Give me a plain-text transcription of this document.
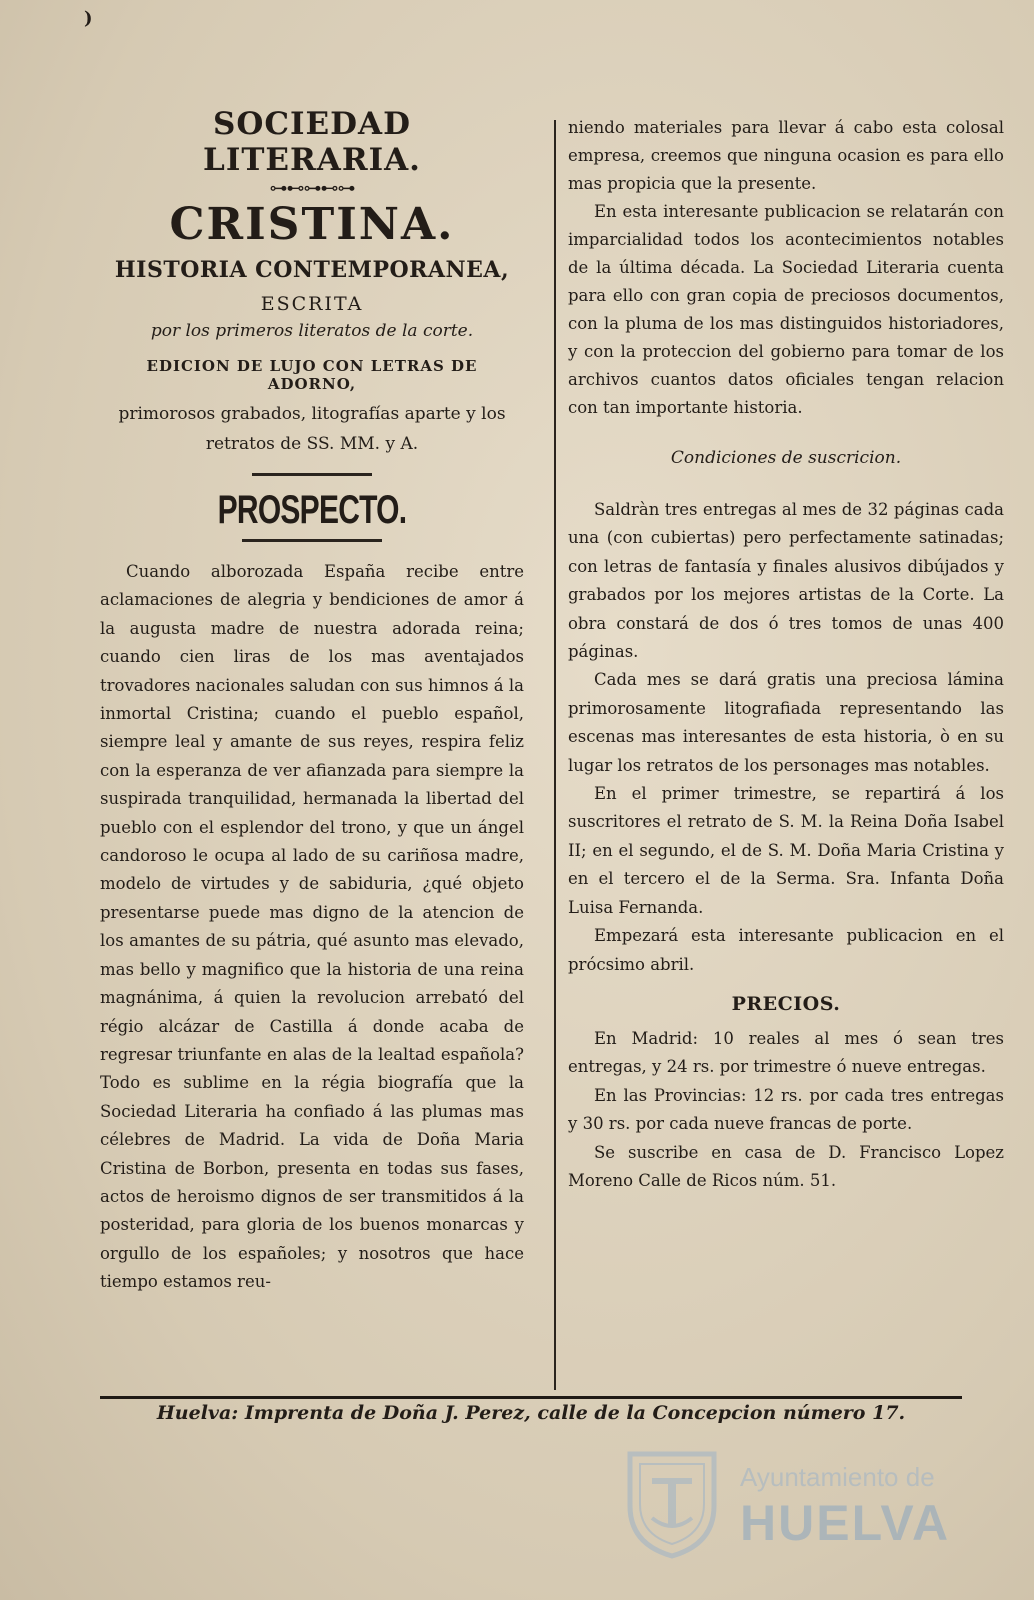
)
SOCIEDAD LITERARIA.
⊶⊷⊶⊷⊶
CRISTINA.
HISTORIA CONTEMPORANEA,
ESCRITA
por los primeros literatos de la corte.
EDICION DE LUJO CON LETRAS DE ADORNO,
primorosos grabados, litografías aparte y los retratos de SS. MM. y A.
PROSPECTO.

Cuando alborozada España recibe entre aclamaciones de alegria y bendiciones de amor á la augusta madre de nuestra adorada reina; cuando cien liras de los mas aventajados trovadores nacionales saludan con sus himnos á la inmortal Cristina; cuando el pueblo español, siempre leal y amante de sus reyes, respira feliz con la esperanza de ver afianzada para siempre la suspirada tranquilidad, hermanada la libertad del pueblo con el esplendor del trono, y que un ángel candoroso le ocupa al lado de su cariñosa madre, modelo de virtudes y de sabiduria, ¿qué objeto presentarse puede mas digno de la atencion de los amantes de su pátria, qué asunto mas elevado, mas bello y magnifico que la historia de una reina magnánima, á quien la revolucion arrebató del régio alcázar de Castilla á donde acaba de regresar triunfante en alas de la lealtad española? Todo es sublime en la régia biografía que la Sociedad Literaria ha confiado á las plumas mas célebres de Madrid. La vida de Doña Maria Cristina de Borbon, presenta en todas sus fases, actos de heroismo dignos de ser transmitidos á la posteridad, para gloria de los buenos monarcas y orgullo de los españoles; y nosotros que hace tiempo estamos reu-

niendo materiales para llevar á cabo esta colosal empresa, creemos que ninguna ocasion es para ello mas propicia que la presente.

En esta interesante publicacion se relatarán con imparcialidad todos los acontecimientos notables de la última década. La Sociedad Literaria cuenta para ello con gran copia de preciosos documentos, con la pluma de los mas distinguidos historiadores, y con la proteccion del gobierno para tomar de los archivos cuantos datos oficiales tengan relacion con tan importante historia.

Condiciones de suscricion.

Saldràn tres entregas al mes de 32 páginas cada una (con cubiertas) pero perfectamente satinadas; con letras de fantasía y finales alusivos dibújados y grabados por los mejores artistas de la Corte. La obra constará de dos ó tres tomos de unas 400 páginas.

Cada mes se dará gratis una preciosa lámina primorosamente litografiada representando las escenas mas interesantes de esta historia, ò en su lugar los retratos de los personages mas notables.

En el primer trimestre, se repartirá á los suscritores el retrato de S. M. la Reina Doña Isabel II; en el segundo, el de S. M. Doña Maria Cristina y en el tercero el de la Serma. Sra. Infanta Doña Luisa Fernanda.

Empezará esta interesante publicacion en el prócsimo abril.

PRECIOS.

En Madrid: 10 reales al mes ó sean tres entregas, y 24 rs. por trimestre ó nueve entregas.

En las Provincias: 12 rs. por cada tres entregas y 30 rs. por cada nueve francas de porte.

Se suscribe en casa de D. Francisco Lopez Moreno Calle de Ricos núm. 51.

Huelva: Imprenta de Doña J. Perez, calle de la Concepcion número 17.
Ayuntamiento de
HUELVA
